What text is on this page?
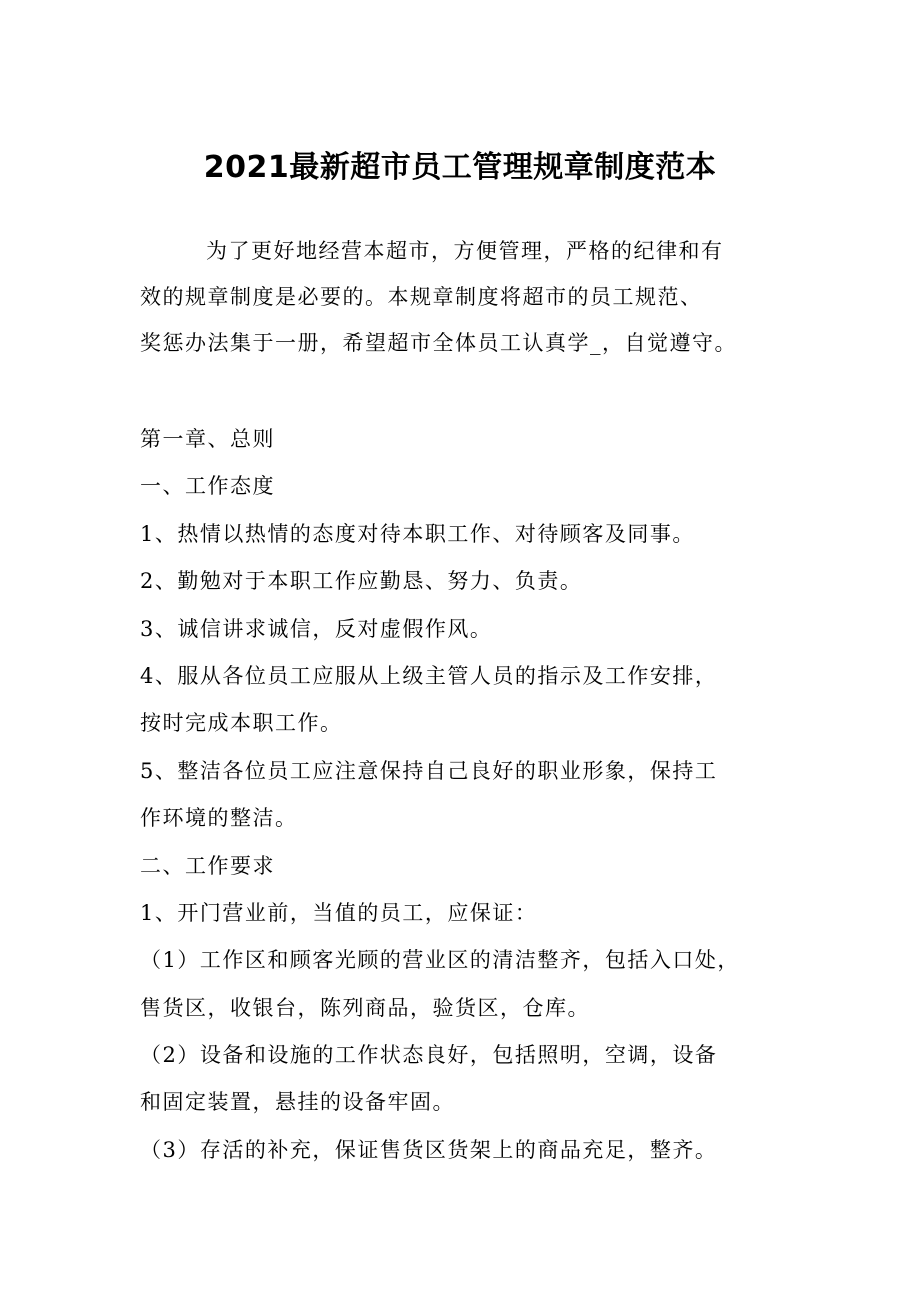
2021最新超市员工管理规章制度范本
为了更好地经营本超市，方便管理，严格的纪律和有
效的规章制度是必要的。本规章制度将超市的员工规范、
奖惩办法集于一册，希望超市全体员工认真学_，自觉遵守。
第一章、总则
一、工作态度
1、热情以热情的态度对待本职工作、对待顾客及同事。
2、勤勉对于本职工作应勤恳、努力、负责。
3、诚信讲求诚信，反对虚假作风。
4、服从各位员工应服从上级主管人员的指示及工作安排，
按时完成本职工作。
5、整洁各位员工应注意保持自己良好的职业形象，保持工
作环境的整洁。
二、工作要求
1、开门营业前，当值的员工，应保证：
（1）工作区和顾客光顾的营业区的清洁整齐，包括入口处，
售货区，收银台，陈列商品，验货区，仓库。
（2）设备和设施的工作状态良好，包括照明，空调，设备
和固定装置，悬挂的设备牢固。
（3）存活的补充，保证售货区货架上的商品充足，整齐。
